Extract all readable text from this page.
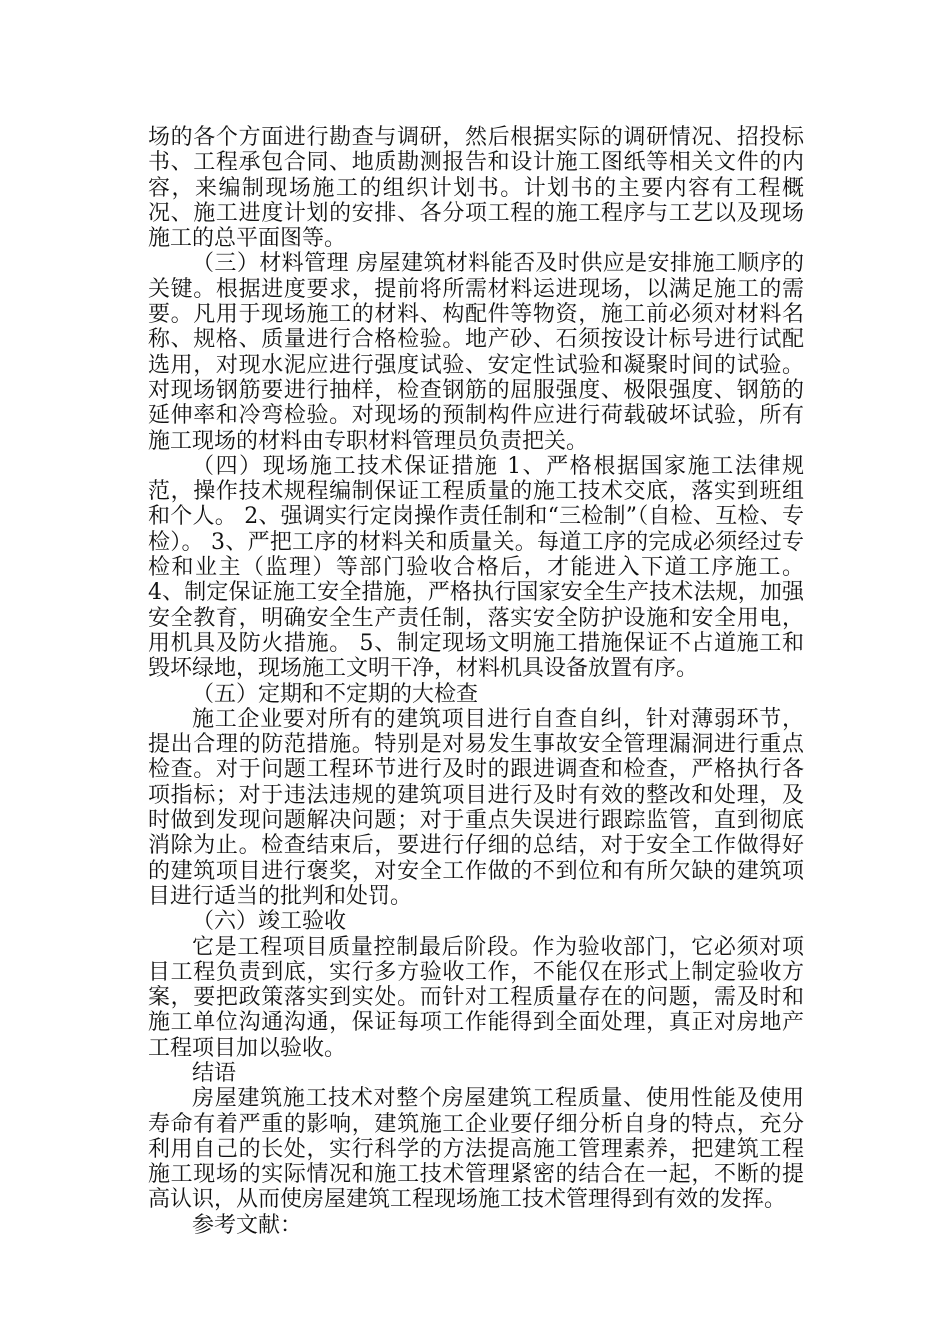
场的各个方面进行勘查与调研，然后根据实际的调研情况、招投标书、工程承包合同、地质勘测报告和设计施工图纸等相关文件的内容，来编制现场施工的组织计划书。计划书的主要内容有工程概况、施工进度计划的安排、各分项工程的施工程序与工艺以及现场施工的总平面图等。

（三）材料管理 房屋建筑材料能否及时供应是安排施工顺序的关键。根据进度要求，提前将所需材料运进现场，以满足施工的需要。凡用于现场施工的材料、构配件等物资，施工前必须对材料名称、规格、质量进行合格检验。地产砂、石须按设计标号进行试配选用，对现水泥应进行强度试验、安定性试验和凝聚时间的试验。对现场钢筋要进行抽样，检查钢筋的屈服强度、极限强度、钢筋的延伸率和冷弯检验。对现场的预制构件应进行荷载破坏试验，所有施工现场的材料由专职材料管理员负责把关。

（四）现场施工技术保证措施 1、严格根据国家施工法律规范，操作技术规程编制保证工程质量的施工技术交底，落实到班组和个人。 2、强调实行定岗操作责任制和“三检制”（自检、互检、专检）。 3、严把工序的材料关和质量关。每道工序的完成必须经过专检和业主（监理）等部门验收合格后，才能进入下道工序施工。 4、制定保证施工安全措施，严格执行国家安全生产技术法规，加强安全教育，明确安全生产责任制，落实安全防护设施和安全用电，用机具及防火措施。 5、制定现场文明施工措施保证不占道施工和毁坏绿地，现场施工文明干净，材料机具设备放置有序。

（五）定期和不定期的大检查

施工企业要对所有的建筑项目进行自查自纠，针对薄弱环节，提出合理的防范措施。特别是对易发生事故安全管理漏洞进行重点检查。对于问题工程环节进行及时的跟进调查和检查，严格执行各项指标；对于违法违规的建筑项目进行及时有效的整改和处理，及时做到发现问题解决问题；对于重点失误进行跟踪监管，直到彻底消除为止。检查结束后，要进行仔细的总结，对于安全工作做得好的建筑项目进行褒奖，对安全工作做的不到位和有所欠缺的建筑项目进行适当的批判和处罚。

（六）竣工验收

它是工程项目质量控制最后阶段。作为验收部门，它必须对项目工程负责到底，实行多方验收工作，不能仅在形式上制定验收方案，要把政策落实到实处。而针对工程质量存在的问题，需及时和施工单位沟通沟通，保证每项工作能得到全面处理，真正对房地产工程项目加以验收。

结语

房屋建筑施工技术对整个房屋建筑工程质量、使用性能及使用寿命有着严重的影响，建筑施工企业要仔细分析自身的特点，充分利用自己的长处，实行科学的方法提高施工管理素养，把建筑工程施工现场的实际情况和施工技术管理紧密的结合在一起，不断的提高认识，从而使房屋建筑工程现场施工技术管理得到有效的发挥。

参考文献：
